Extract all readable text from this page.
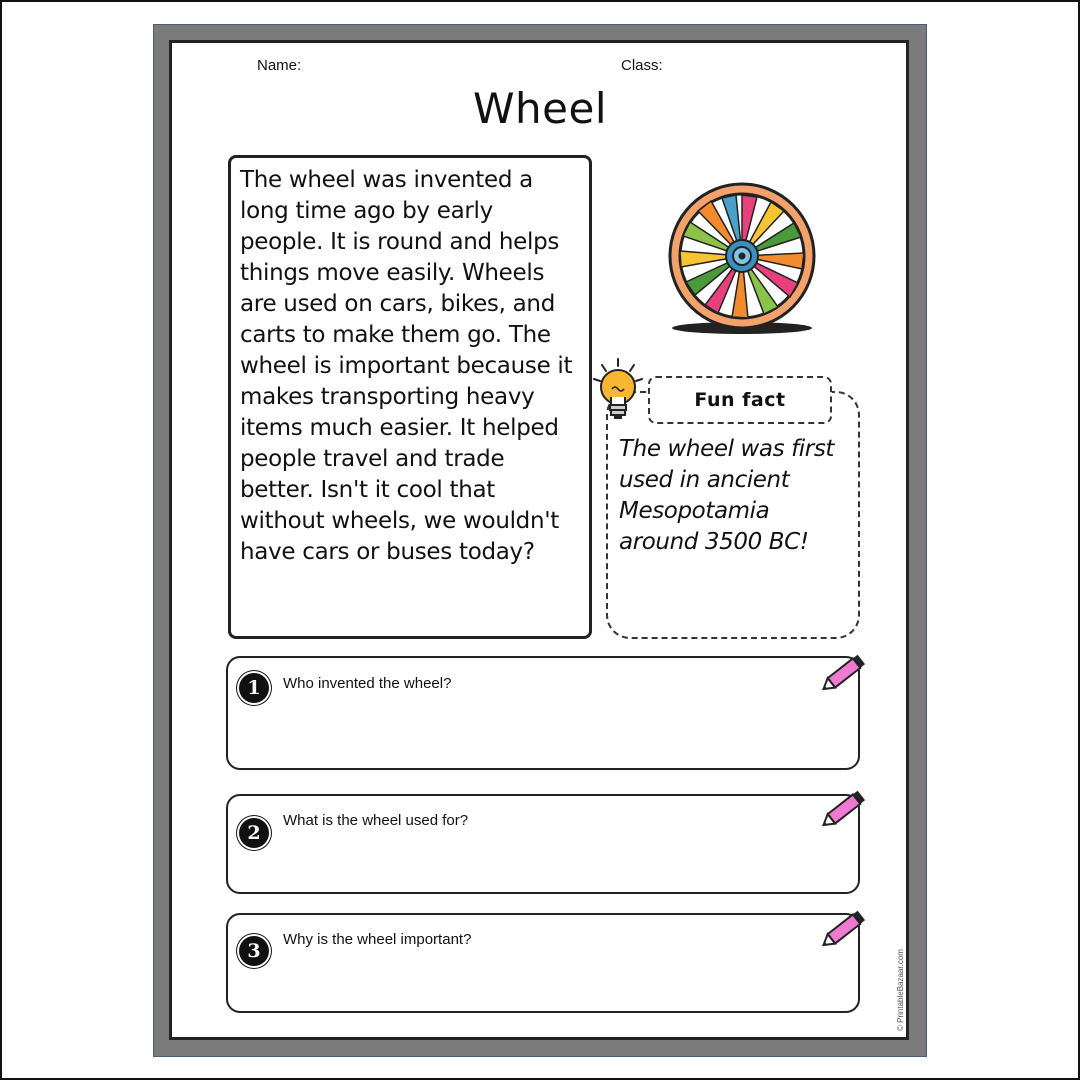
Name:	Class:
Wheel
The wheel was invented a
long time ago by early
people. It is round and helps
things move easily. Wheels
are used on cars, bikes, and
carts to make them go. The
wheel is important because it
makes transporting heavy
items much easier. It helped
people travel and trade
better. Isn't it cool that
without wheels, we wouldn't
have cars or buses today?
Fun fact
The wheel was first
used in ancient
Mesopotamia
around 3500 BC!
1	Who invented the wheel?
2
What is the wheel used for?
3
Why is the wheel important?
© PrintableBazaar.com
